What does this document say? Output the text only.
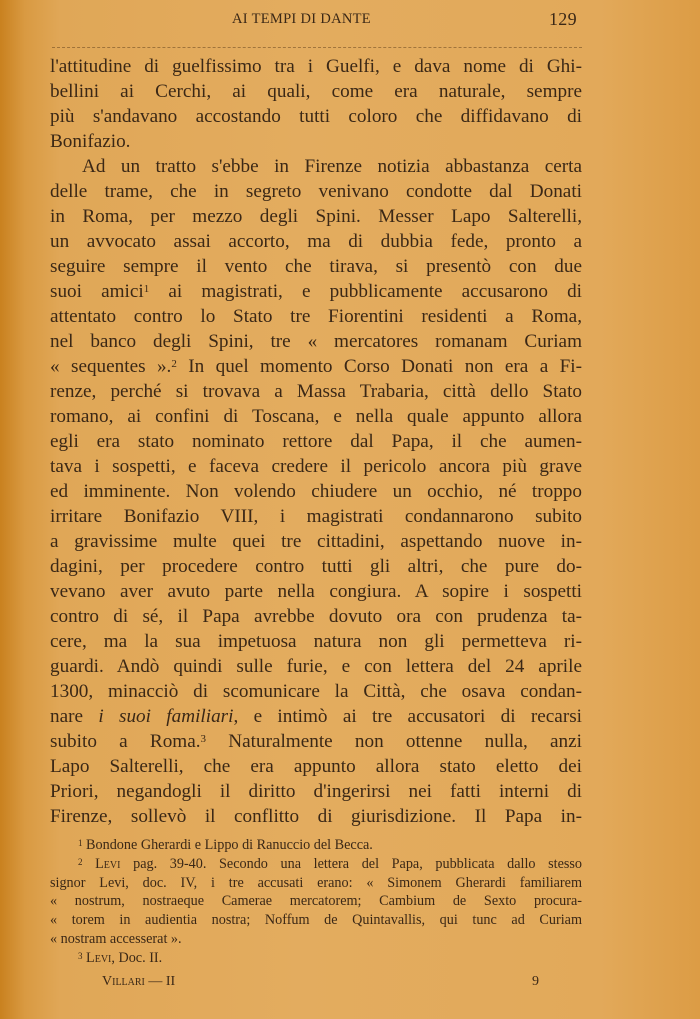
AI TEMPI DI DANTE	129
l'attitudine di guelfissimo tra i Guelfi, e dava nome di Ghi-
bellini ai Cerchi, ai quali, come era naturale, sempre
più s'andavano accostando tutti coloro che diffidavano di
Bonifazio.
Ad un tratto s'ebbe in Firenze notizia abbastanza certa
delle trame, che in segreto venivano condotte dal Donati
in Roma, per mezzo degli Spini. Messer Lapo Salterelli,
un avvocato assai accorto, ma di dubbia fede, pronto a
seguire sempre il vento che tirava, si presentò con due
suoi amici$^1$ ai magistrati, e pubblicamente accusarono di
attentato contro lo Stato tre Fiorentini residenti a Roma,
nel banco degli Spini, tre « mercatores romanam Curiam
« sequentes ».$^2$ In quel momento Corso Donati non era a Fi-
renze, perché si trovava a Massa Trabaria, città dello Stato
romano, ai confini di Toscana, e nella quale appunto allora
egli era stato nominato rettore dal Papa, il che aumen-
tava i sospetti, e faceva credere il pericolo ancora più grave
ed imminente. Non volendo chiudere un occhio, né troppo
irritare Bonifazio VIII, i magistrati condannarono subito
a gravissime multe quei tre cittadini, aspettando nuove in-
dagini, per procedere contro tutti gli altri, che pure do-
vevano aver avuto parte nella congiura. A sopire i sospetti
contro di sé, il Papa avrebbe dovuto ora con prudenza ta-
cere, ma la sua impetuosa natura non gli permetteva ri-
guardi. Andò quindi sulle furie, e con lettera del 24 aprile
1300, minacciò di scomunicare la Città, che osava condan-
nare i suoi familiari, e intimò ai tre accusatori di recarsi
subito a Roma.$^3$ Naturalmente non ottenne nulla, anzi
Lapo Salterelli, che era appunto allora stato eletto dei
Priori, negandogli il diritto d'ingerirsi nei fatti interni di
Firenze, sollevò il conflitto di giurisdizione. Il Papa in-
$^1$ Bondone Gherardi e Lippo di Ranuccio del Becca.
$^2$ Levi pag. 39-40. Secondo una lettera del Papa, pubblicata dallo stesso
signor Levi, doc. IV, i tre accusati erano: « Simonem Gherardi familiarem
« nostrum, nostraeque Camerae mercatorem; Cambium de Sexto procura-
« torem in audientia nostra; Noffum de Quintavallis, qui tunc ad Curiam
« nostram accesserat ».
$^3$ Levi, Doc. II.
Villari — II	9
